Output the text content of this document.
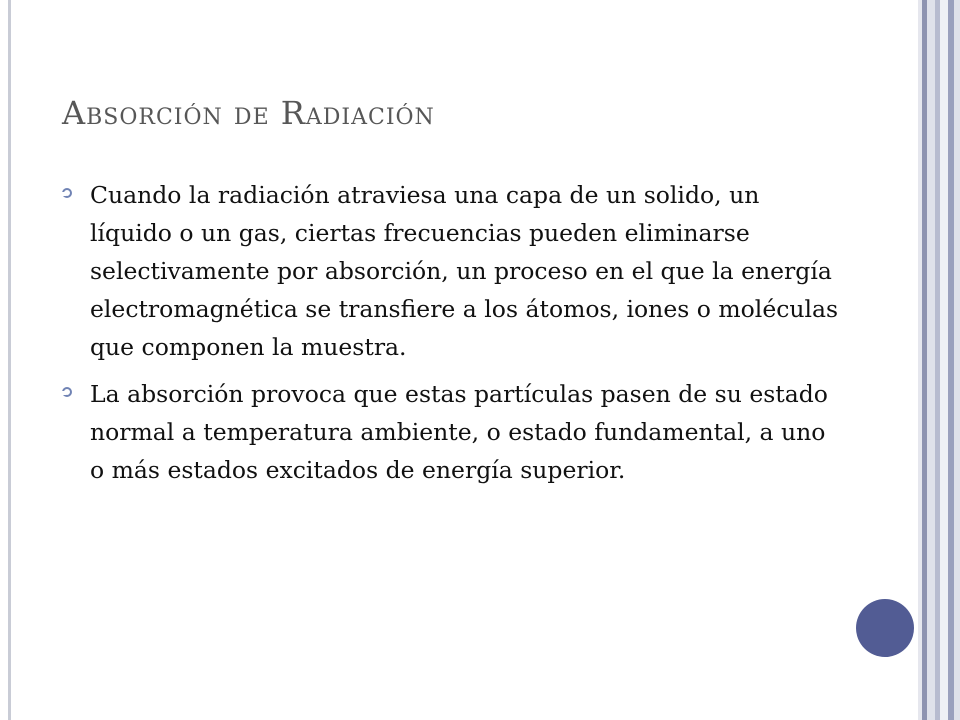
Absorción de Radiación
Cuando la radiación atraviesa una capa de un solido, un líquido o un gas, ciertas frecuencias pueden eliminarse selectivamente por absorción, un proceso en el que la energía electromagnética se transfiere a los átomos, iones o moléculas que componen la muestra.
La absorción provoca que estas partículas pasen de su estado normal a temperatura ambiente, o estado fundamental, a uno o más estados excitados de energía superior.
